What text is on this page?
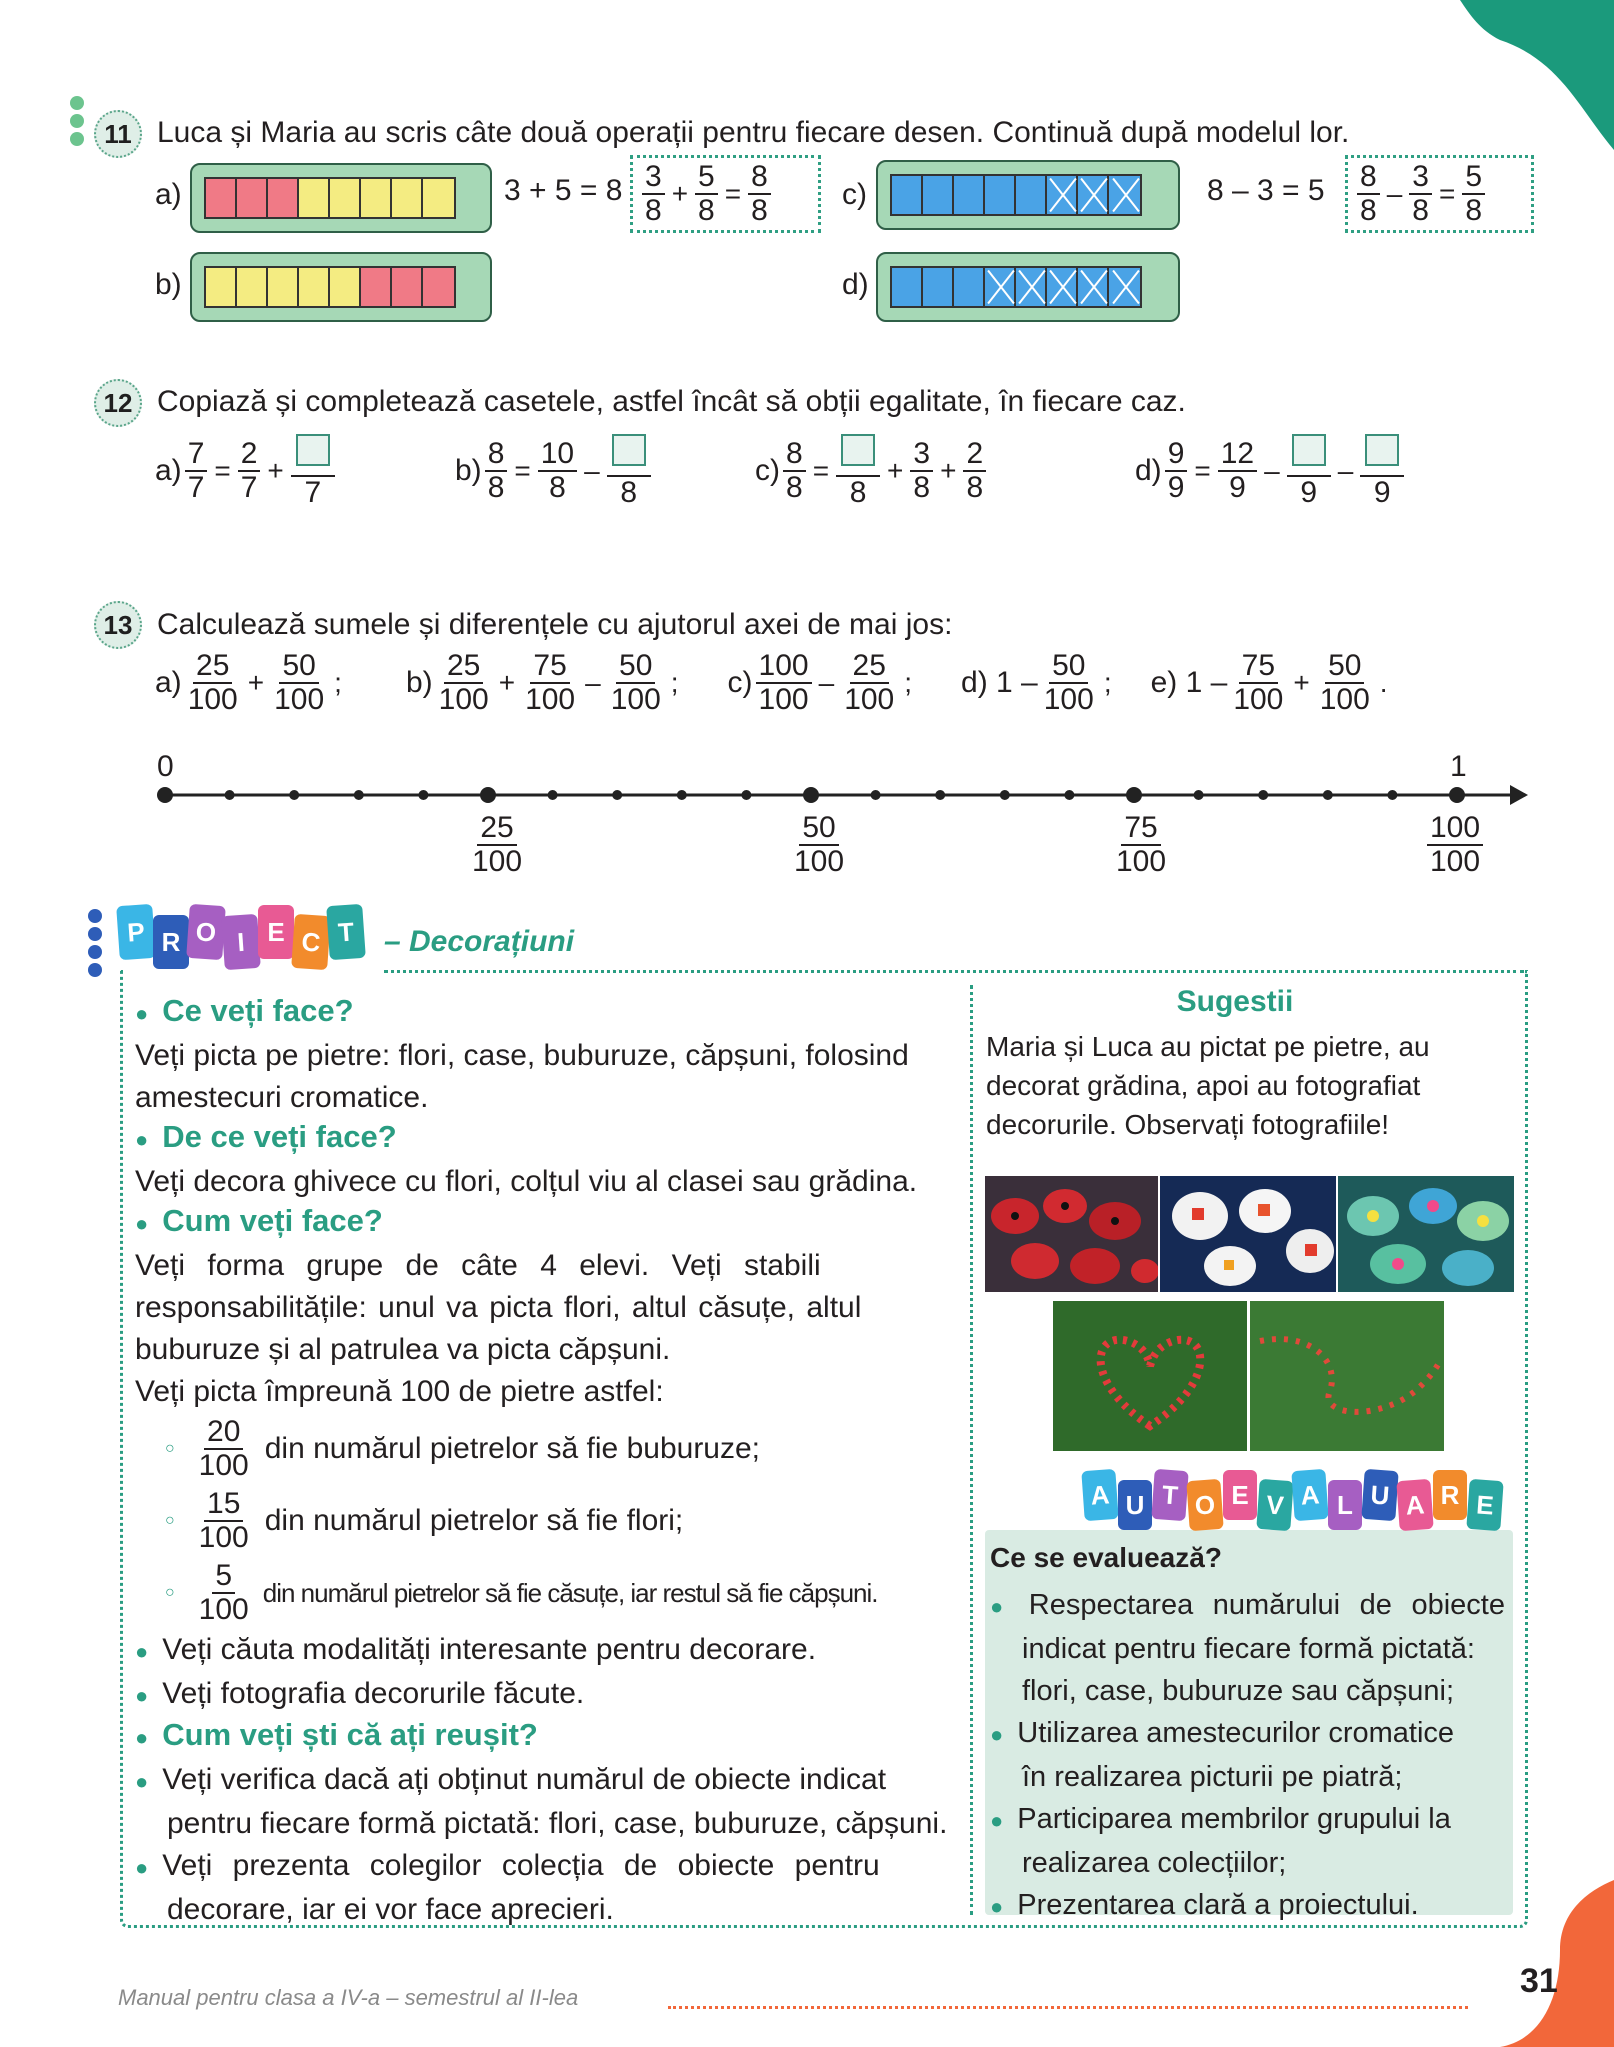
11 Luca și Maria au scris câte două operații pentru fiecare desen. Continuă după modelul lor.
a)	$3 + 5 = 8 \frac{3}{8} + \frac{5}{8} = \frac{8}{8} c$)	$8 - 3 = 5 \frac{8}{8} - \frac{3}{8} = \frac{5}{8}$
b)	d)
12 Copiază și completează casetele, astfel încât să obții egalitate, în fiecare caz.
$a) \frac{7}{7} = \frac{2}{7}$ +
7
$b) \frac{8}{8} = \frac{10}{8}$ –
8
$c) \frac{8}{8}$ =
8
+ $\frac{3}{8} + \frac{2}{8}$	$d) \frac{9}{9} = \frac{12}{9}$ –
9
–
9
13 Calculează sumele și diferențele cu ajutorul axei de mai jos:
$a) \frac{25}{100} + \frac{50}{100}$ ; $b) \frac{25}{100} + \frac{75}{100} - \frac{50}{100}$ ; $c) \frac{100}{100} - \frac{25}{100}$ ; d) $1 - \frac{50}{100}$ ; e) $1 - \frac{75}{100} + \frac{50}{100}$ .
0	1
$\frac{25}{100}$	$\frac{50}{100}$	$\frac{75}{100}$	$\frac{100}{100}$
P R O I E C T – Decorațiuni
● Ce veți face?
Veți picta pe pietre: flori, case, buburuze, căpșuni, folosind
amestecuri cromatice.
● De ce veți face?
Veți decora ghivece cu flori, colțul viu al clasei sau grădina.
● Cum veți face?
Veți forma grupe de câte 4 elevi. Veți stabili
responsabilitățile: unul va picta flori, altul căsuțe, altul
buburuze și al patrulea va picta căpșuni.
Veți picta împreună 100 de pietre astfel:
○ $\frac{20}{100}$ din numărul pietrelor să fie buburuze;
○ $\frac{15}{100}$ din numărul pietrelor să fie flori;
○ $\frac{5}{100}$ din numărul pietrelor să fie căsuțe, iar restul să fie căpșuni.
● Veți căuta modalități interesante pentru decorare.
● Veți fotografia decorurile făcute.
● Cum veți ști că ați reușit?
● Veți verifica dacă ați obținut numărul de obiecte indicat
pentru fiecare formă pictată: flori, case, buburuze, căpșuni.
● Veți prezenta colegilor colecția de obiecte pentru
decorare, iar ei vor face aprecieri.
Sugestii
Maria și Luca au pictat pe pietre, au
decorat grădina, apoi au fotografiat
decorurile. Observați fotografiile!
A U T O E V A L U A R E
Ce se evaluează?
● Respectarea numărului de obiecte
indicat pentru fiecare formă pictată:
flori, case, buburuze sau căpșuni;
● Utilizarea amestecurilor cromatice
în realizarea picturii pe piatră;
● Participarea membrilor grupului la
realizarea colecțiilor;
● Prezentarea clară a proiectului.
Manual pentru clasa a IV-a – semestrul al II-lea	31
